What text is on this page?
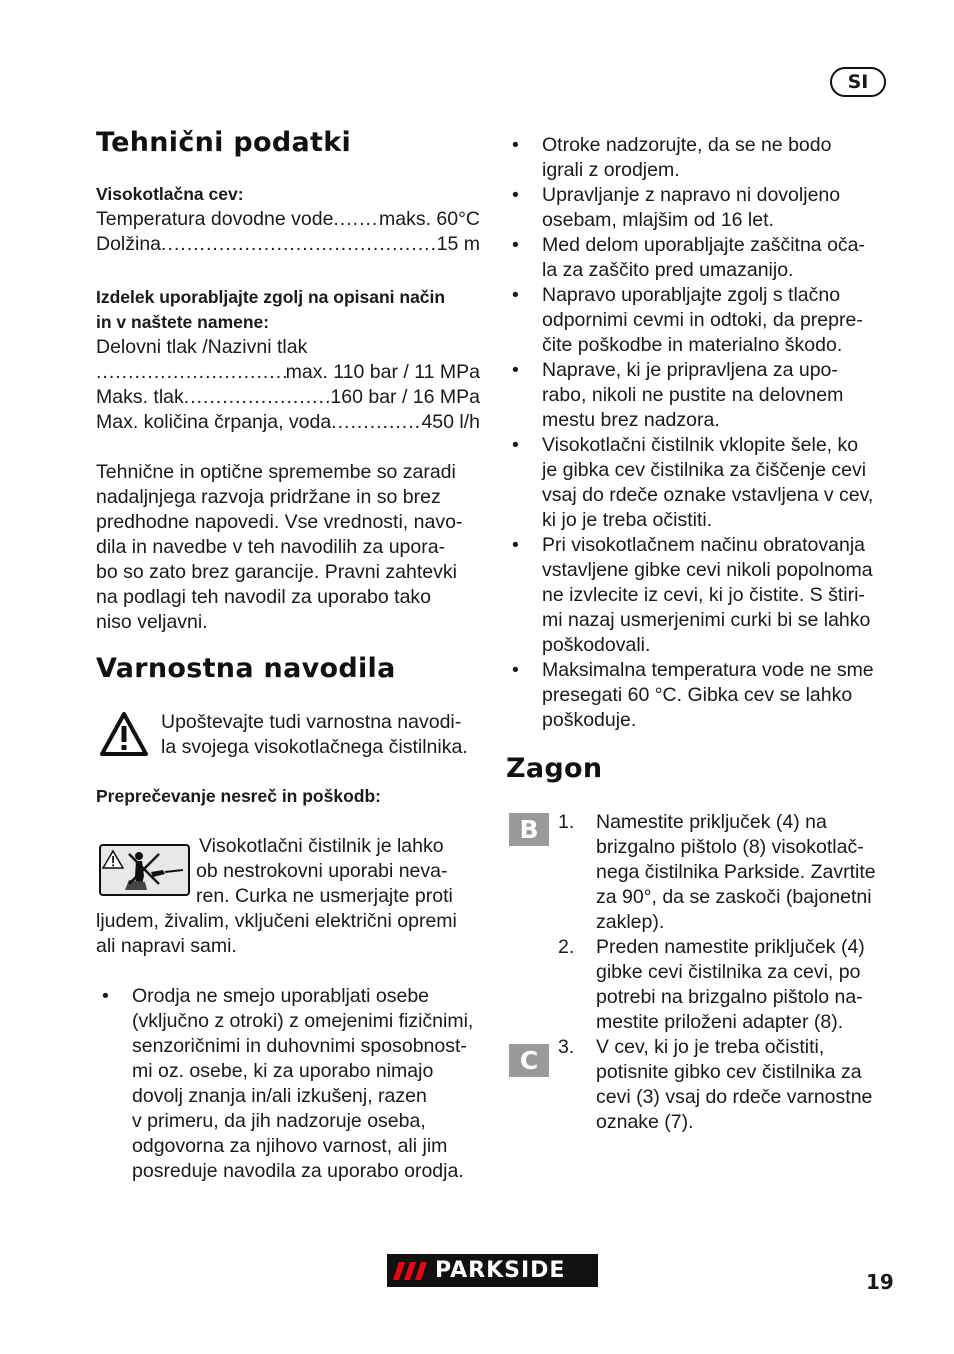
SI
Tehnični podatki
Visokotlačna cev:
Temperatura dovodne vode ..... maks. 60°C
Dolžina .....	15 m
Izdelek uporabljajte zgolj na opisani način
in v naštete namene:
Delovni tlak /Nazivni tlak
.....
max. 110 bar / 11 MPa
Maks. tlak .....	160 bar / 16 MPa
Max. količina črpanja, voda .....	450 l/h
Tehnične in optične spremembe so zaradi
nadaljnjega razvoja pridržane in so brez
predhodne napovedi. Vse vrednosti, navo-
dila in navedbe v teh navodilih za upora-
bo so zato brez garancije. Pravni zahtevki
na podlagi teh navodil za uporabo tako
niso veljavni.
Varnostna navodila
Upoštevajte tudi varnostna navodi-
la svojega visokotlačnega čistilnika.
Preprečevanje nesreč in poškodb:
Visokotlačni čistilnik je lahko
ob nestrokovni uporabi neva-
ren. Curka ne usmerjajte proti
ljudem, živalim, vključeni električni opremi
ali napravi sami.
• Orodja ne smejo uporabljati osebe
(vključno z otroki) z omejenimi fizičnimi,
senzoričnimi in duhovnimi sposobnost-
mi oz. osebe, ki za uporabo nimajo
dovolj znanja in/ali izkušenj, razen
v primeru, da jih nadzoruje oseba,
odgovorna za njihovo varnost, ali jim
posreduje navodila za uporabo orodja.
• Otroke nadzorujte, da se ne bodo
igrali z orodjem.
• Upravljanje z napravo ni dovoljeno
osebam, mlajšim od 16 let.
• Med delom uporabljajte zaščitna oča-
la za zaščito pred umazanijo.
• Napravo uporabljajte zgolj s tlačno
odpornimi cevmi in odtoki, da prepre-
čite poškodbe in materialno škodo.
• Naprave, ki je pripravljena za upo-
rabo, nikoli ne pustite na delovnem
mestu brez nadzora.
• Visokotlačni čistilnik vklopite šele, ko
je gibka cev čistilnika za čiščenje cevi
vsaj do rdeče oznake vstavljena v cev,
ki jo je treba očistiti.
• Pri visokotlačnem načinu obratovanja
vstavljene gibke cevi nikoli popolnoma
ne izvlecite iz cevi, ki jo čistite. S štiri-
mi nazaj usmerjenimi curki bi se lahko
poškodovali.
• Maksimalna temperatura vode ne sme
presegati 60 °C. Gibka cev se lahko
poškoduje.
Zagon
B
C
1. Namestite priključek (4) na
brizgalno pištolo (8) visokotlač-
nega čistilnika Parkside. Zavrtite
za 90°, da se zaskoči (bajonetni
zaklep).
2. Preden namestite priključek (4)
gibke cevi čistilnika za cevi, po
potrebi na brizgalno pištolo na-
mestite priloženi adapter (8).
3. V cev, ki jo je treba očistiti,
potisnite gibko cev čistilnika za
cevi (3) vsaj do rdeče varnostne
oznake (7).
PARKSIDE	19
